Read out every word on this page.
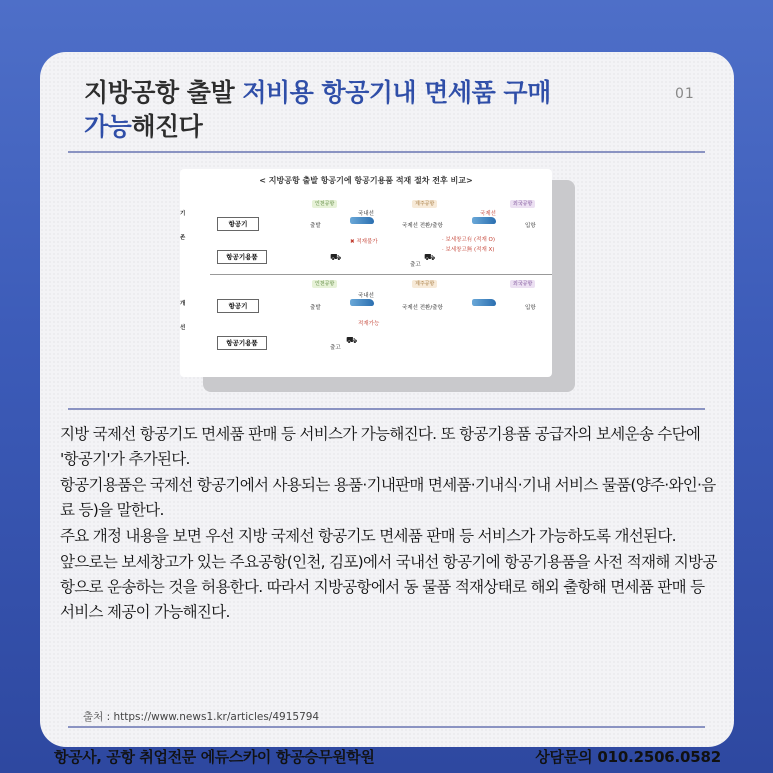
지방공항 출발 저비용 항공기내 면세품 구매
가능해진다
01
< 지방공항 출발 항공기에 항공기용품 적재 절차 전후 비교>
기
존
항공기
항공기용품
인천공항	제주공항	외국공항
출발
국내선
국제선 전환/출항
국제선
입항
✖ 적재불가
⛟
출고
⛟
· 보세창고有 (적재 O)
· 보세창고無 (적재 X)
개
선
항공기
항공기용품
인천공항	제주공항	외국공항
출발
국내선
국제선 전환/출항	입항
적재가능
출고
⛟

지방 국제선 항공기도 면세품 판매 등 서비스가 가능해진다. 또 항공기용품 공급자의 보세운송 수단에 '항공기'가 추가된다.

항공기용품은 국제선 항공기에서 사용되는 용품·기내판매 면세품·기내식·기내 서비스 물품(양주·와인·음료 등)을 말한다.

주요 개정 내용을 보면 우선 지방 국제선 항공기도 면세품 판매 등 서비스가 가능하도록 개선된다.

앞으로는 보세창고가 있는 주요공항(인천, 김포)에서 국내선 항공기에 항공기용품을 사전 적재해 지방공항으로 운송하는 것을 허용한다. 따라서 지방공항에서 동 물품 적재상태로 해외 출항해 면세품 판매 등 서비스 제공이 가능해진다.

출처 : https://www.news1.kr/articles/4915794
항공사, 공항 취업전문 에듀스카이 항공승무원학원	상담문의 010.2506.0582
